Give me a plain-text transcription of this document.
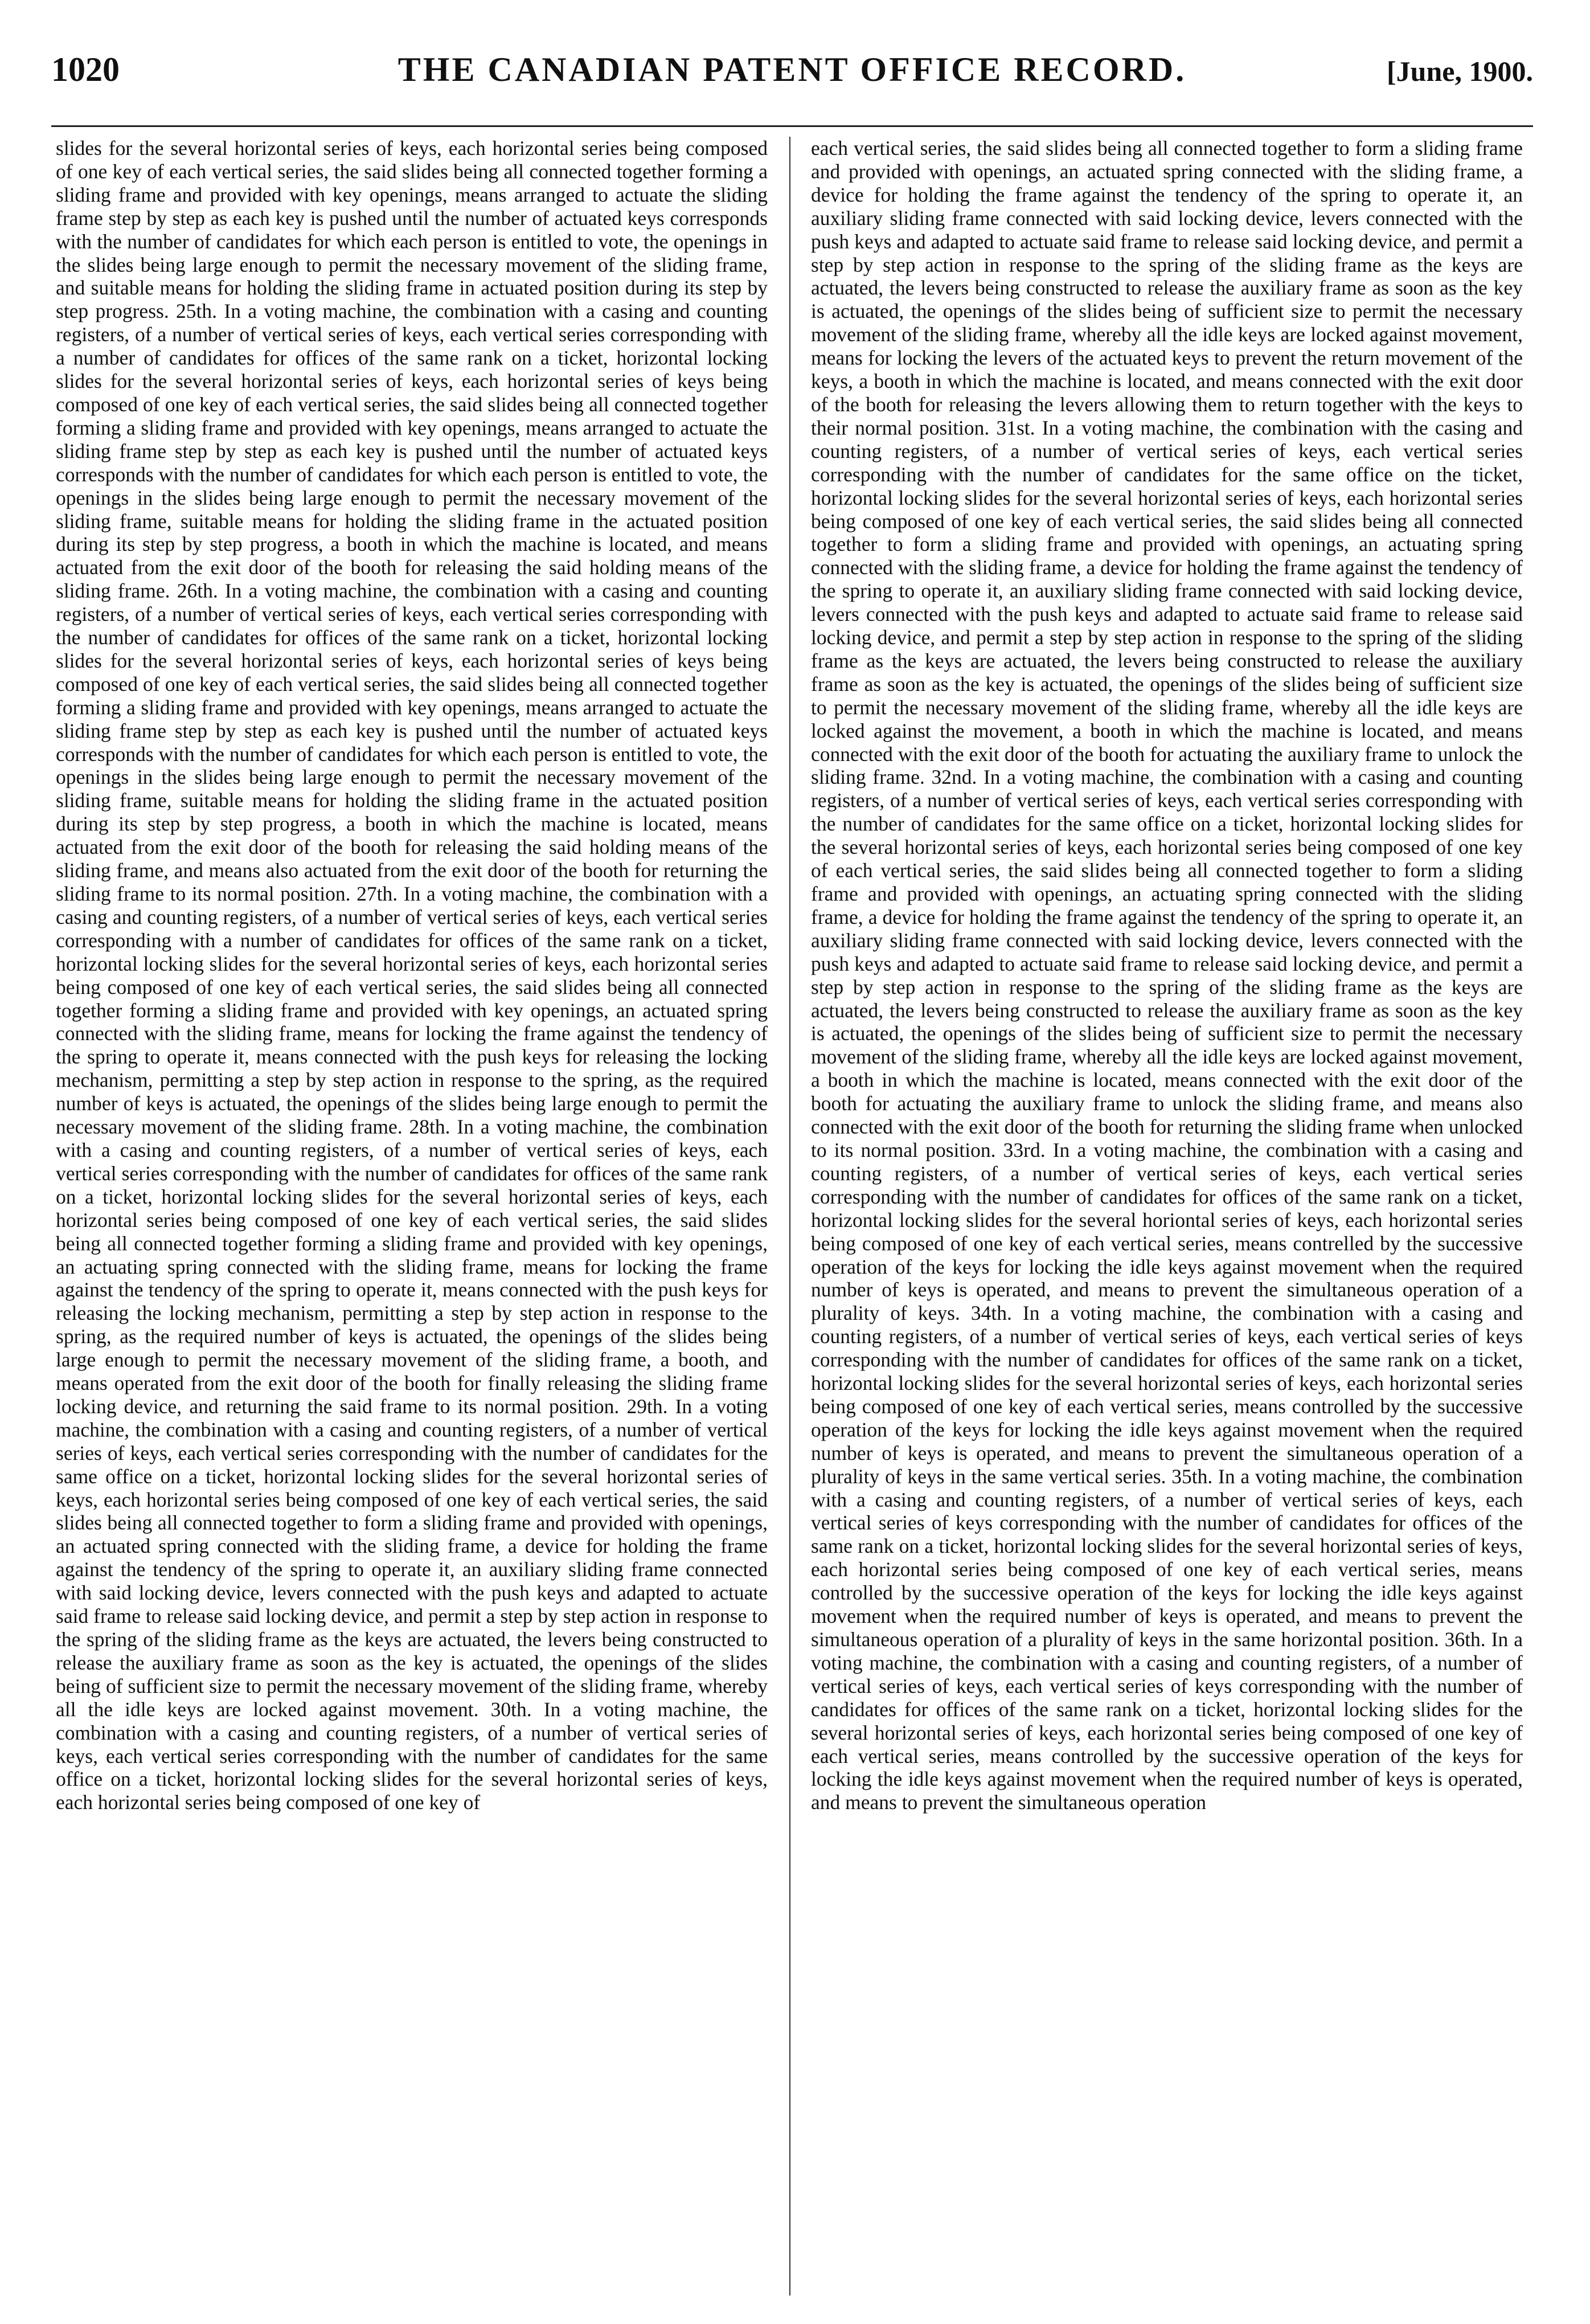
1020	THE CANADIAN PATENT OFFICE RECORD.	[June, 1900.

slides for the several horizontal series of keys, each horizontal series being composed of one key of each vertical series, the said slides being all connected together forming a sliding frame and provided with key openings, means arranged to actuate the sliding frame step by step as each key is pushed until the number of actuated keys corresponds with the number of candidates for which each person is entitled to vote, the openings in the slides being large enough to permit the necessary movement of the sliding frame, and suitable means for holding the sliding frame in actuated position during its step by step progress. 25th. In a voting machine, the combination with a casing and counting registers, of a number of vertical series of keys, each vertical series corresponding with a number of candidates for offices of the same rank on a ticket, horizontal locking slides for the several horizontal series of keys, each horizontal series of keys being composed of one key of each vertical series, the said slides being all connected together forming a sliding frame and provided with key openings, means arranged to actuate the sliding frame step by step as each key is pushed until the number of actuated keys corresponds with the number of candidates for which each person is entitled to vote, the openings in the slides being large enough to permit the necessary movement of the sliding frame, suitable means for holding the sliding frame in the actuated position during its step by step progress, a booth in which the machine is located, and means actuated from the exit door of the booth for releasing the said holding means of the sliding frame. 26th. In a voting machine, the combination with a casing and counting registers, of a number of vertical series of keys, each vertical series corresponding with the number of candidates for offices of the same rank on a ticket, horizontal locking slides for the several horizontal series of keys, each horizontal series of keys being composed of one key of each vertical series, the said slides being all connected together forming a sliding frame and provided with key openings, means arranged to actuate the sliding frame step by step as each key is pushed until the number of actuated keys corresponds with the number of candidates for which each person is entitled to vote, the openings in the slides being large enough to permit the necessary movement of the sliding frame, suitable means for holding the sliding frame in the actuated position during its step by step progress, a booth in which the machine is located, means actuated from the exit door of the booth for releasing the said holding means of the sliding frame, and means also actuated from the exit door of the booth for returning the sliding frame to its normal position. 27th. In a voting machine, the combination with a casing and counting registers, of a number of vertical series of keys, each vertical series corresponding with a number of candidates for offices of the same rank on a ticket, horizontal locking slides for the several horizontal series of keys, each horizontal series being composed of one key of each vertical series, the said slides being all connected together forming a sliding frame and provided with key openings, an actuated spring connected with the sliding frame, means for locking the frame against the tendency of the spring to operate it, means connected with the push keys for releasing the locking mechanism, permitting a step by step action in response to the spring, as the required number of keys is actuated, the openings of the slides being large enough to permit the necessary movement of the sliding frame. 28th. In a voting machine, the combination with a casing and counting registers, of a number of vertical series of keys, each vertical series corresponding with the number of candidates for offices of the same rank on a ticket, horizontal locking slides for the several horizontal series of keys, each horizontal series being composed of one key of each vertical series, the said slides being all connected together forming a sliding frame and provided with key openings, an actuating spring connected with the sliding frame, means for locking the frame against the tendency of the spring to operate it, means connected with the push keys for releasing the locking mechanism, permitting a step by step action in response to the spring, as the required number of keys is actuated, the openings of the slides being large enough to permit the necessary movement of the sliding frame, a booth, and means operated from the exit door of the booth for finally releasing the sliding frame locking device, and returning the said frame to its normal position. 29th. In a voting machine, the combination with a casing and counting registers, of a number of vertical series of keys, each vertical series corresponding with the number of candidates for the same office on a ticket, horizontal locking slides for the several horizontal series of keys, each horizontal series being composed of one key of each vertical series, the said slides being all connected together to form a sliding frame and provided with openings, an actuated spring connected with the sliding frame, a device for holding the frame against the tendency of the spring to operate it, an auxiliary sliding frame connected with said locking device, levers connected with the push keys and adapted to actuate said frame to release said locking device, and permit a step by step action in response to the spring of the sliding frame as the keys are actuated, the levers being constructed to release the auxiliary frame as soon as the key is actuated, the openings of the slides being of sufficient size to permit the necessary movement of the sliding frame, whereby all the idle keys are locked against movement. 30th. In a voting machine, the combination with a casing and counting registers, of a number of vertical series of keys, each vertical series corresponding with the number of candidates for the same office on a ticket, horizontal locking slides for the several horizontal series of keys, each horizontal series being composed of one key of

each vertical series, the said slides being all connected together to form a sliding frame and provided with openings, an actuated spring connected with the sliding frame, a device for holding the frame against the tendency of the spring to operate it, an auxiliary sliding frame connected with said locking device, levers connected with the push keys and adapted to actuate said frame to release said locking device, and permit a step by step action in response to the spring of the sliding frame as the keys are actuated, the levers being constructed to release the auxiliary frame as soon as the key is actuated, the openings of the slides being of sufficient size to permit the necessary movement of the sliding frame, whereby all the idle keys are locked against movement, means for locking the levers of the actuated keys to prevent the return movement of the keys, a booth in which the machine is located, and means connected with the exit door of the booth for releasing the levers allowing them to return together with the keys to their normal position. 31st. In a voting machine, the combination with the casing and counting registers, of a number of vertical series of keys, each vertical series corresponding with the number of candidates for the same office on the ticket, horizontal locking slides for the several horizontal series of keys, each horizontal series being composed of one key of each vertical series, the said slides being all connected together to form a sliding frame and provided with openings, an actuating spring connected with the sliding frame, a device for holding the frame against the tendency of the spring to operate it, an auxiliary sliding frame connected with said locking device, levers connected with the push keys and adapted to actuate said frame to release said locking device, and permit a step by step action in response to the spring of the sliding frame as the keys are actuated, the levers being constructed to release the auxiliary frame as soon as the key is actuated, the openings of the slides being of sufficient size to permit the necessary movement of the sliding frame, whereby all the idle keys are locked against the movement, a booth in which the machine is located, and means connected with the exit door of the booth for actuating the auxiliary frame to unlock the sliding frame. 32nd. In a voting machine, the combination with a casing and counting registers, of a number of vertical series of keys, each vertical series corresponding with the number of candidates for the same office on a ticket, horizontal locking slides for the several horizontal series of keys, each horizontal series being composed of one key of each vertical series, the said slides being all connected together to form a sliding frame and provided with openings, an actuating spring connected with the sliding frame, a device for holding the frame against the tendency of the spring to operate it, an auxiliary sliding frame connected with said locking device, levers connected with the push keys and adapted to actuate said frame to release said locking device, and permit a step by step action in response to the spring of the sliding frame as the keys are actuated, the levers being constructed to release the auxiliary frame as soon as the key is actuated, the openings of the slides being of sufficient size to permit the necessary movement of the sliding frame, whereby all the idle keys are locked against movement, a booth in which the machine is located, means connected with the exit door of the booth for actuating the auxiliary frame to unlock the sliding frame, and means also connected with the exit door of the booth for returning the sliding frame when unlocked to its normal position. 33rd. In a voting machine, the combination with a casing and counting registers, of a number of vertical series of keys, each vertical series corresponding with the number of candidates for offices of the same rank on a ticket, horizontal locking slides for the several horiontal series of keys, each horizontal series being composed of one key of each vertical series, means contrelled by the successive operation of the keys for locking the idle keys against movement when the required number of keys is operated, and means to prevent the simultaneous operation of a plurality of keys. 34th. In a voting machine, the combination with a casing and counting registers, of a number of vertical series of keys, each vertical series of keys corresponding with the number of candidates for offices of the same rank on a ticket, horizontal locking slides for the several horizontal series of keys, each horizontal series being composed of one key of each vertical series, means controlled by the successive operation of the keys for locking the idle keys against movement when the required number of keys is operated, and means to prevent the simultaneous operation of a plurality of keys in the same vertical series. 35th. In a voting machine, the combination with a casing and counting registers, of a number of vertical series of keys, each vertical series of keys corresponding with the number of candidates for offices of the same rank on a ticket, horizontal locking slides for the several horizontal series of keys, each horizontal series being composed of one key of each vertical series, means controlled by the successive operation of the keys for locking the idle keys against movement when the required number of keys is operated, and means to prevent the simultaneous operation of a plurality of keys in the same horizontal position. 36th. In a voting machine, the combination with a casing and counting registers, of a number of vertical series of keys, each vertical series of keys corresponding with the number of candidates for offices of the same rank on a ticket, horizontal locking slides for the several horizontal series of keys, each horizontal series being composed of one key of each vertical series, means controlled by the successive operation of the keys for locking the idle keys against movement when the required number of keys is operated, and means to prevent the simultaneous operation
